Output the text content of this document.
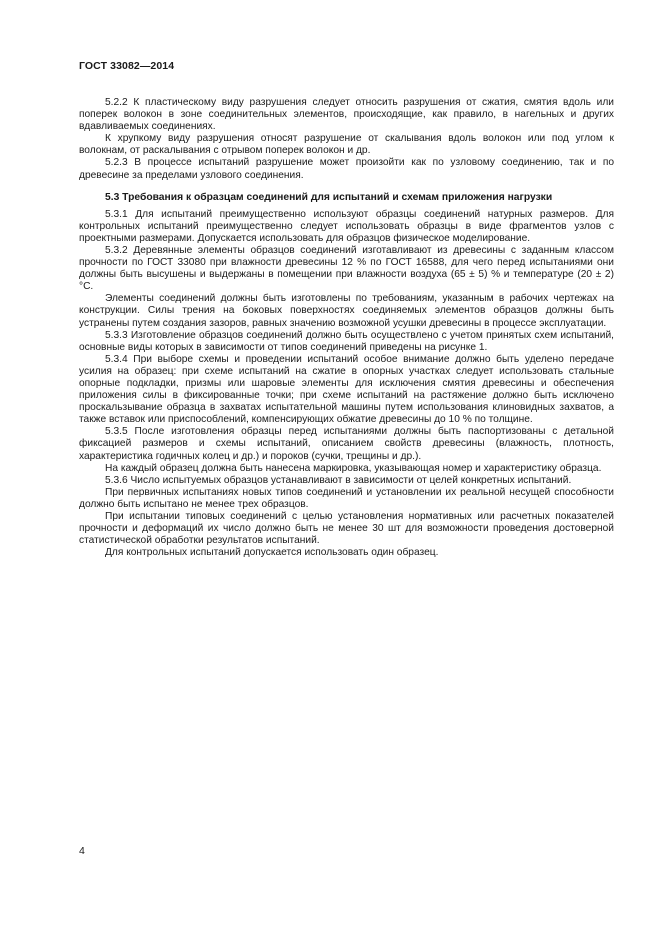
ГОСТ 33082—2014

5.2.2 К пластическому виду разрушения следует относить разрушения от сжатия, смятия вдоль или поперек волокон в зоне соединительных элементов, происходящие, как правило, в нагельных и других вдавливаемых соединениях.

К хрупкому виду разрушения относят разрушение от скалывания вдоль волокон или под углом к волокнам, от раскалывания с отрывом поперек волокон и др.

5.2.3 В процессе испытаний разрушение может произойти как по узловому соединению, так и по древесине за пределами узлового соединения.

5.3 Требования к образцам соединений для испытаний и схемам приложения нагрузки

5.3.1 Для испытаний преимущественно используют образцы соединений натурных размеров. Для контрольных испытаний преимущественно следует использовать образцы в виде фрагментов узлов с проектными размерами. Допускается использовать для образцов физическое моделирование.

5.3.2 Деревянные элементы образцов соединений изготавливают из древесины с заданным классом прочности по ГОСТ 33080 при влажности древесины 12 % по ГОСТ 16588, для чего перед испытаниями они должны быть высушены и выдержаны в помещении при влажности воздуха (65 ± 5) % и температуре (20 ± 2) °С.

Элементы соединений должны быть изготовлены по требованиям, указанным в рабочих чертежах на конструкции. Силы трения на боковых поверхностях соединяемых элементов образцов должны быть устранены путем создания зазоров, равных значению возможной усушки древесины в процессе эксплуатации.

5.3.3 Изготовление образцов соединений должно быть осуществлено с учетом принятых схем испытаний, основные виды которых в зависимости от типов соединений приведены на рисунке 1.

5.3.4 При выборе схемы и проведении испытаний особое внимание должно быть уделено передаче усилия на образец: при схеме испытаний на сжатие в опорных участках следует использовать стальные опорные подкладки, призмы или шаровые элементы для исключения смятия древесины и обеспечения приложения силы в фиксированные точки; при схеме испытаний на растяжение должно быть исключено проскальзывание образца в захватах испытательной машины путем использования клиновидных захватов, а также вставок или приспособлений, компенсирующих обжатие древесины до 10 % по толщине.

5.3.5 После изготовления образцы перед испытаниями должны быть паспортизованы с детальной фиксацией размеров и схемы испытаний, описанием свойств древесины (влажность, плотность, характеристика годичных колец и др.) и пороков (сучки, трещины и др.).

На каждый образец должна быть нанесена маркировка, указывающая номер и характеристику образца.

5.3.6 Число испытуемых образцов устанавливают в зависимости от целей конкретных испытаний.

При первичных испытаниях новых типов соединений и установлении их реальной несущей способности должно быть испытано не менее трех образцов.

При испытании типовых соединений с целью установления нормативных или расчетных показателей прочности и деформаций их число должно быть не менее 30 шт для возможности проведения достоверной статистической обработки результатов испытаний.

Для контрольных испытаний допускается использовать один образец.

4
